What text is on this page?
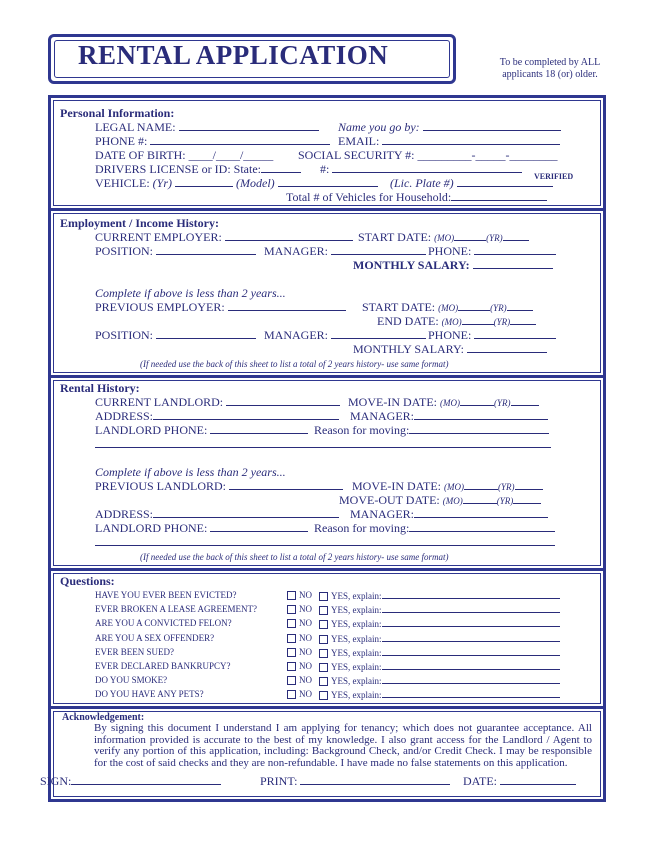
RENTAL APPLICATION	To be completed by ALL
applicants 18 (or) older.
Personal Information:
LEGAL NAME:	Name you go by:
PHONE #:	EMAIL:
DATE OF BIRTH: ____/____/_____ SOCIAL SECURITY #: _________-_____-________
DRIVERS LICENSE or ID: State:	#:
VERIFIED
VEHICLE: (Yr)	(Model)	(Lic. Plate #)
Total # of Vehicles for Household:
Employment / Income History:
CURRENT EMPLOYER:	START DATE: (MO)	(YR)
POSITION:	MANAGER:	PHONE:
MONTHLY SALARY:
Complete if above is less than 2 years...
PREVIOUS EMPLOYER:	START DATE: (MO)	(YR)
END DATE: (MO)	(YR)
POSITION:	MANAGER:	PHONE:
MONTHLY SALARY:
(If needed use the back of this sheet to list a total of 2 years history- use same format)
Rental History:
CURRENT LANDLORD:	MOVE-IN DATE: (MO)	(YR)
ADDRESS:	MANAGER:
LANDLORD PHONE:	Reason for moving:
Complete if above is less than 2 years...
PREVIOUS LANDLORD:	MOVE-IN DATE: (MO)	(YR)
MOVE-OUT DATE: (MO)	(YR)
ADDRESS:	MANAGER:
LANDLORD PHONE:	Reason for moving:
(If needed use the back of this sheet to list a total of 2 years history- use same format)
Questions:
HAVE YOU EVER BEEN EVICTED?	NO	YES, explain:
EVER BROKEN A LEASE AGREEMENT?	NO	YES, explain:
ARE YOU A CONVICTED FELON?	NO	YES, explain:
ARE YOU A SEX OFFENDER?	NO	YES, explain:
EVER BEEN SUED?	NO	YES, explain:
EVER DECLARED BANKRUPCY?	NO	YES, explain:
DO YOU SMOKE?	NO	YES, explain:
DO YOU HAVE ANY PETS?	NO	YES, explain:
Acknowledgement:
By signing this document I understand I am applying for tenancy; which does not guarantee acceptance. All information provided is accurate to the best of my knowledge. I also grant access for the Landlord / Agent to verify any portion of this application, including: Background Check, and/or Credit Check. I may be responsible for the cost of said checks and they are non-refundable. I have made no false statements on this application.
SIGN:	PRINT:	DATE:
